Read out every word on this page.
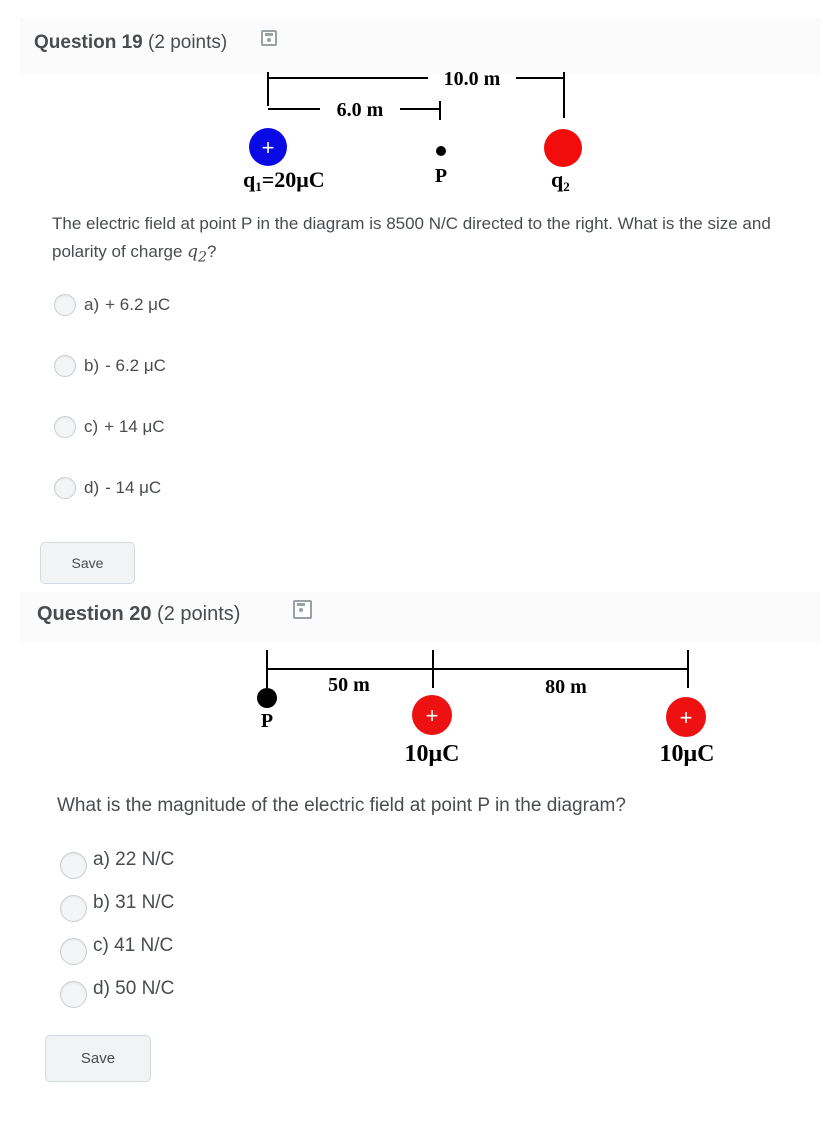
Question 19 (2 points)
10.0 m
6.0 m
+
q1=20μC	P	q2
The electric field at point P in the diagram is 8500 N/C directed to the right. What is the size and polarity of charge $q_2$?
a) + 6.2 μC
b) - 6.2 μC
c) + 14 μC
d) - 14 μC
Save
Question 20 (2 points)
50 m	80 m
P	+
10μC
+
10μC
What is the magnitude of the electric field at point P in the diagram?
a) 22 N/C
b) 31 N/C
c) 41 N/C
d) 50 N/C
Save
